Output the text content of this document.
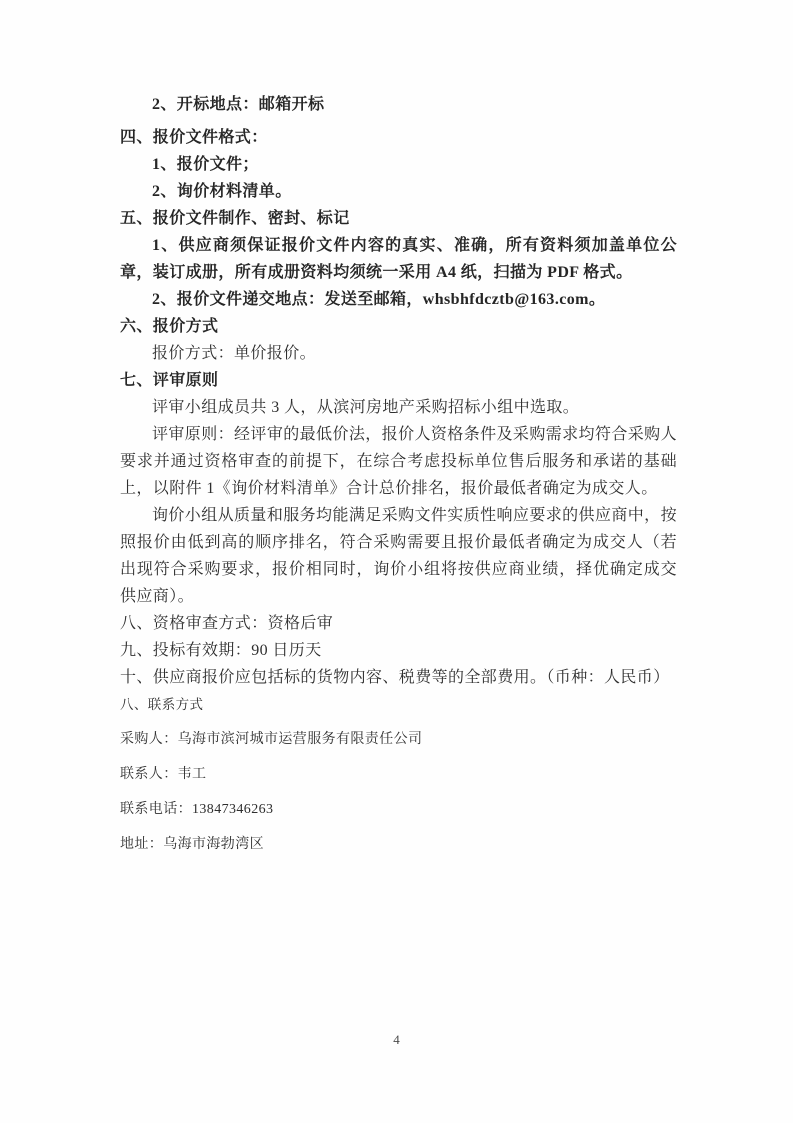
2、开标地点：邮箱开标

四、报价文件格式：

1、报价文件；

2、询价材料清单。

五、报价文件制作、密封、标记

1、供应商须保证报价文件内容的真实、准确，所有资料须加盖单位公章，装订成册，所有成册资料均须统一采用 A4 纸，扫描为 PDF 格式。

2、报价文件递交地点：发送至邮箱，whsbhfdcztb@163.com。

六、报价方式

报价方式：单价报价。

七、评审原则

评审小组成员共 3 人，从滨河房地产采购招标小组中选取。

评审原则：经评审的最低价法，报价人资格条件及采购需求均符合采购人要求并通过资格审查的前提下，在综合考虑投标单位售后服务和承诺的基础上，以附件 1《询价材料清单》合计总价排名，报价最低者确定为成交人。

询价小组从质量和服务均能满足采购文件实质性响应要求的供应商中，按照报价由低到高的顺序排名，符合采购需要且报价最低者确定为成交人（若出现符合采购要求，报价相同时，询价小组将按供应商业绩，择优确定成交供应商）。

八、资格审查方式：资格后审

九、投标有效期：90 日历天

十、供应商报价应包括标的货物内容、税费等的全部费用。（币种：人民币）

八、联系方式

采购人：乌海市滨河城市运营服务有限责任公司

联系人：韦工

联系电话：13847346263

地址：乌海市海勃湾区

4
